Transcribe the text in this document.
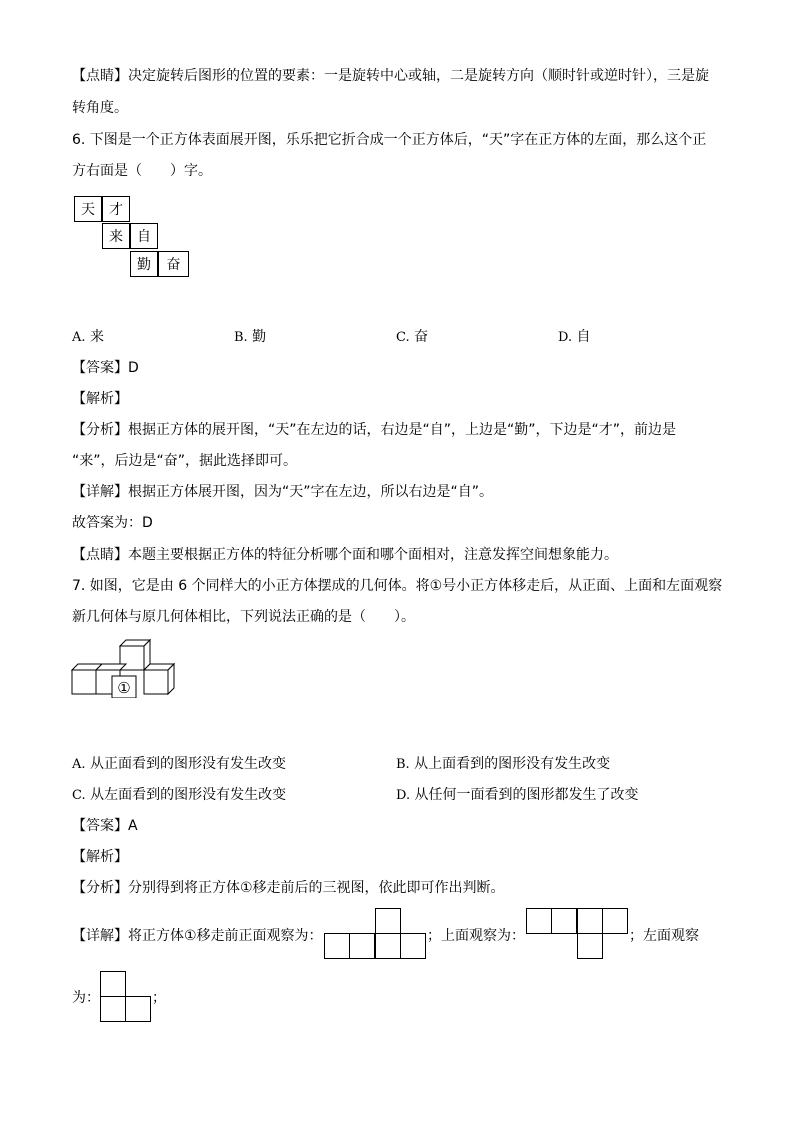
【点睛】决定旋转后图形的位置的要素：一是旋转中心或轴，二是旋转方向（顺时针或逆时针），三是旋
转角度。
6. 下图是一个正方体表面展开图，乐乐把它折合成一个正方体后，“天”字在正方体的左面，那么这个正
方右面是（　　）字。
天	才
来	自
勤	奋
A. 来	B. 勤	C. 奋	D. 自
【答案】D
【解析】
【分析】根据正方体的展开图，“天”在左边的话，右边是“自”，上边是“勤”，下边是“才”，前边是
“来”，后边是“奋”，据此选择即可。
【详解】根据正方体展开图，因为“天”字在左边，所以右边是“自”。
故答案为：D
【点睛】本题主要根据正方体的特征分析哪个面和哪个面相对，注意发挥空间想象能力。
7. 如图，它是由 6 个同样大的小正方体摆成的几何体。将①号小正方体移走后，从正面、上面和左面观察
新几何体与原几何体相比，下列说法正确的是（　　）。
①
A. 从正面看到的图形没有发生改变	B. 从上面看到的图形没有发生改变
C. 从左面看到的图形没有发生改变	D. 从任何一面看到的图形都发生了改变
【答案】A
【解析】
【分析】分别得到将正方体①移走前后的三视图，依此即可作出判断。
【详解】将正方体①移走前正面观察为：	；上面观察为：	；左面观察
为：	；
